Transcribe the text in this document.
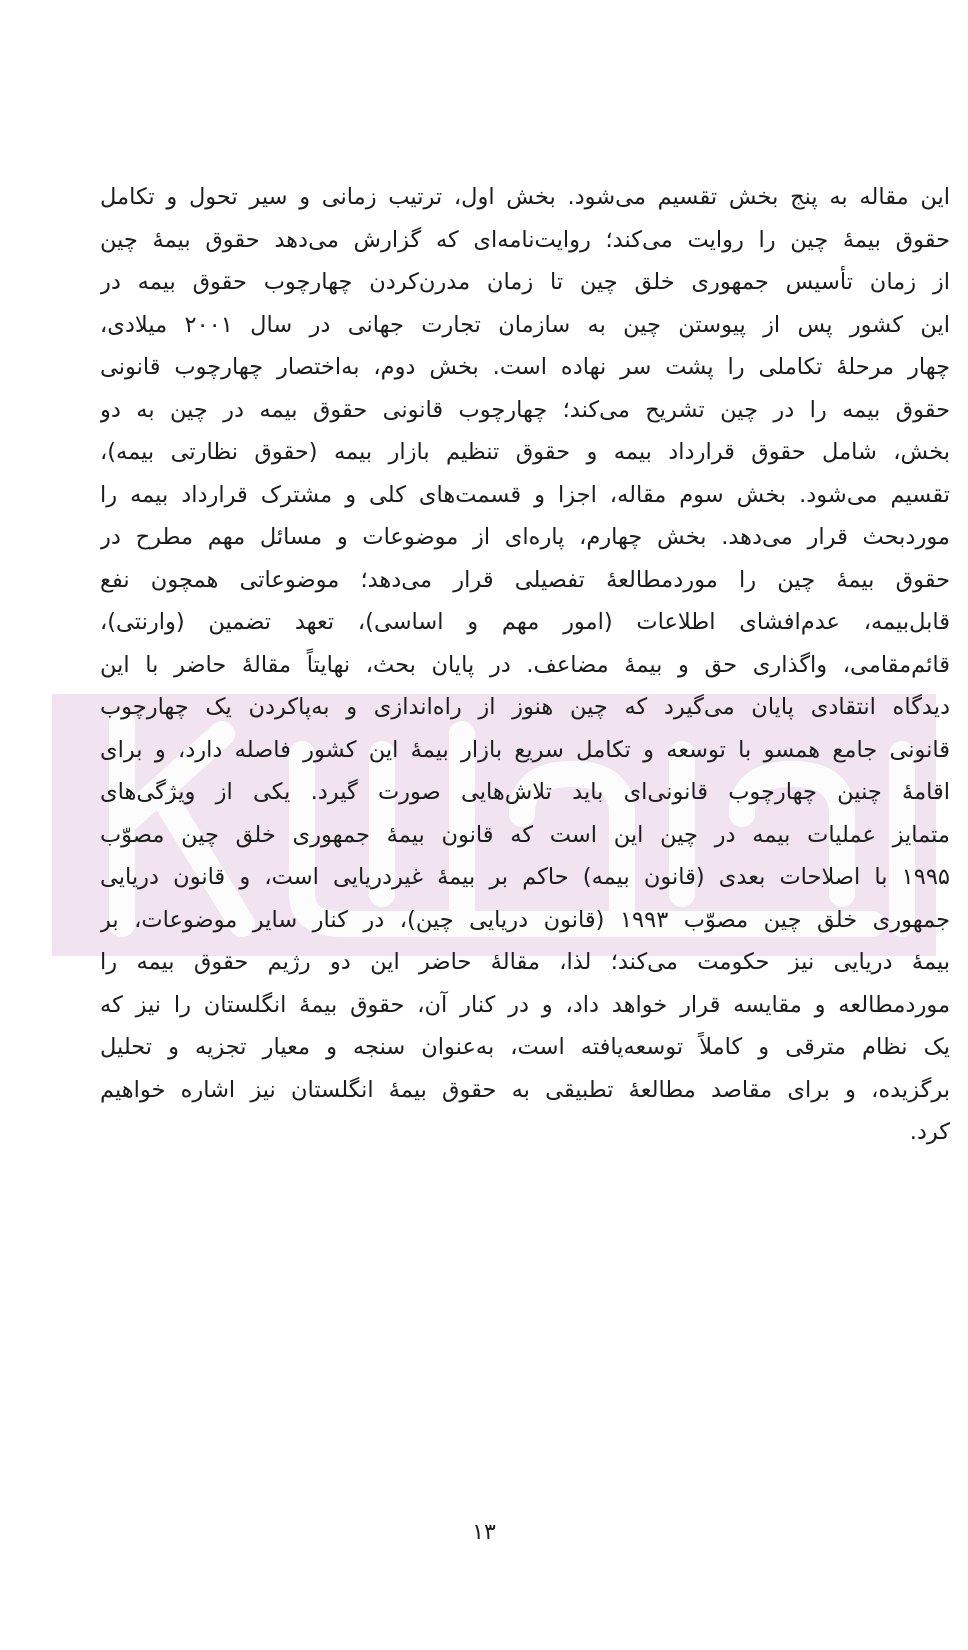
این مقاله به پنج بخش تقسیم می‌شود. بخش اول، ترتیب زمانی و سیر تحول و تکامل
حقوق بیمۀ چین را روایت می‌کند؛ روایت‌نامه‌ای که گزارش می‌دهد حقوق بیمۀ چین
از زمان تأسیس جمهوری خلق چین تا زمان مدرن‌کردن چهارچوب حقوق بیمه در
این کشور پس از پیوستن چین به سازمان تجارت جهانی در سال ۲۰۰۱ میلادی،
چهار مرحلۀ تکاملی را پشت سر نهاده است. بخش دوم، به‌اختصار چهارچوب قانونی
حقوق بیمه را در چین تشریح می‌کند؛ چهارچوب قانونی حقوق بیمه در چین به دو
بخش، شامل حقوق قرارداد بیمه و حقوق تنظیم بازار بیمه (حقوق نظارتی بیمه)،
تقسیم می‌شود. بخش سوم مقاله، اجزا و قسمت‌های کلی و مشترک قرارداد بیمه را
موردبحث قرار می‌دهد. بخش چهارم، پاره‌ای از موضوعات و مسائل مهم مطرح در
حقوق بیمۀ چین را موردمطالعۀ تفصیلی قرار می‌دهد؛ موضوعاتی همچون نفع
قابل‌بیمه، عدم‌افشای اطلاعات (امور مهم و اساسی)، تعهد تضمین (وارنتی)،
قائم‌مقامی، واگذاری حق و بیمۀ مضاعف. در پایان بحث، نهایتاً مقالۀ حاضر با این
دیدگاه انتقادی پایان می‌گیرد که چین هنوز از راه‌اندازی و به‌پاکردن یک چهارچوب
قانونی جامع همسو با توسعه و تکامل سریع بازار بیمۀ این کشور فاصله دارد، و برای
اقامۀ چنین چهارچوب قانونی‌ای باید تلاش‌هایی صورت گیرد. یکی از ویژگی‌های
متمایز عملیات بیمه در چین این است که قانون بیمۀ جمهوری خلق چین مصوّب
۱۹۹۵ با اصلاحات بعدی (قانون بیمه) حاکم بر بیمۀ غیردریایی است، و قانون دریایی
جمهوری خلق چین مصوّب ۱۹۹۳ (قانون دریایی چین)، در کنار سایر موضوعات، بر
بیمۀ دریایی نیز حکومت می‌کند؛ لذا، مقالۀ حاضر این دو رژیم حقوق بیمه را
موردمطالعه و مقایسه قرار خواهد داد، و در کنار آن، حقوق بیمۀ انگلستان را نیز که
یک نظام مترقی و کاملاً توسعه‌یافته است، به‌عنوان سنجه و معیار تجزیه و تحلیل
برگزیده، و برای مقاصد مطالعۀ تطبیقی به حقوق بیمۀ انگلستان نیز اشاره خواهیم
کرد.
۱۳
